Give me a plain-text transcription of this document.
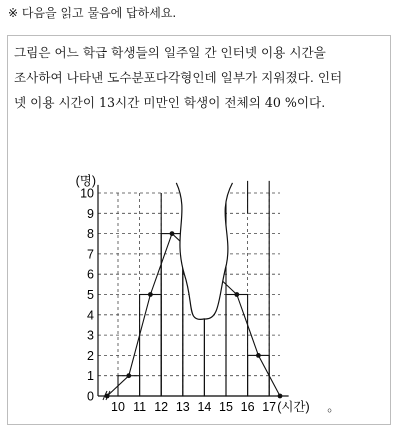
※ 다음을 읽고 물음에 답하세요.

그림은 어느 학급 학생들의 일주일 간 인터넷 이용 시간을

조사하여 나타낸 도수분포다각형인데 일부가 지워졌다. 인터

넷 이용 시간이 13시간 미만인 학생이 전체의 40 %이다.

0
1
2
3
4
5
6
7
8
9
10
10 11 12 13 14 15 16 17
(명)
(시간) 。
